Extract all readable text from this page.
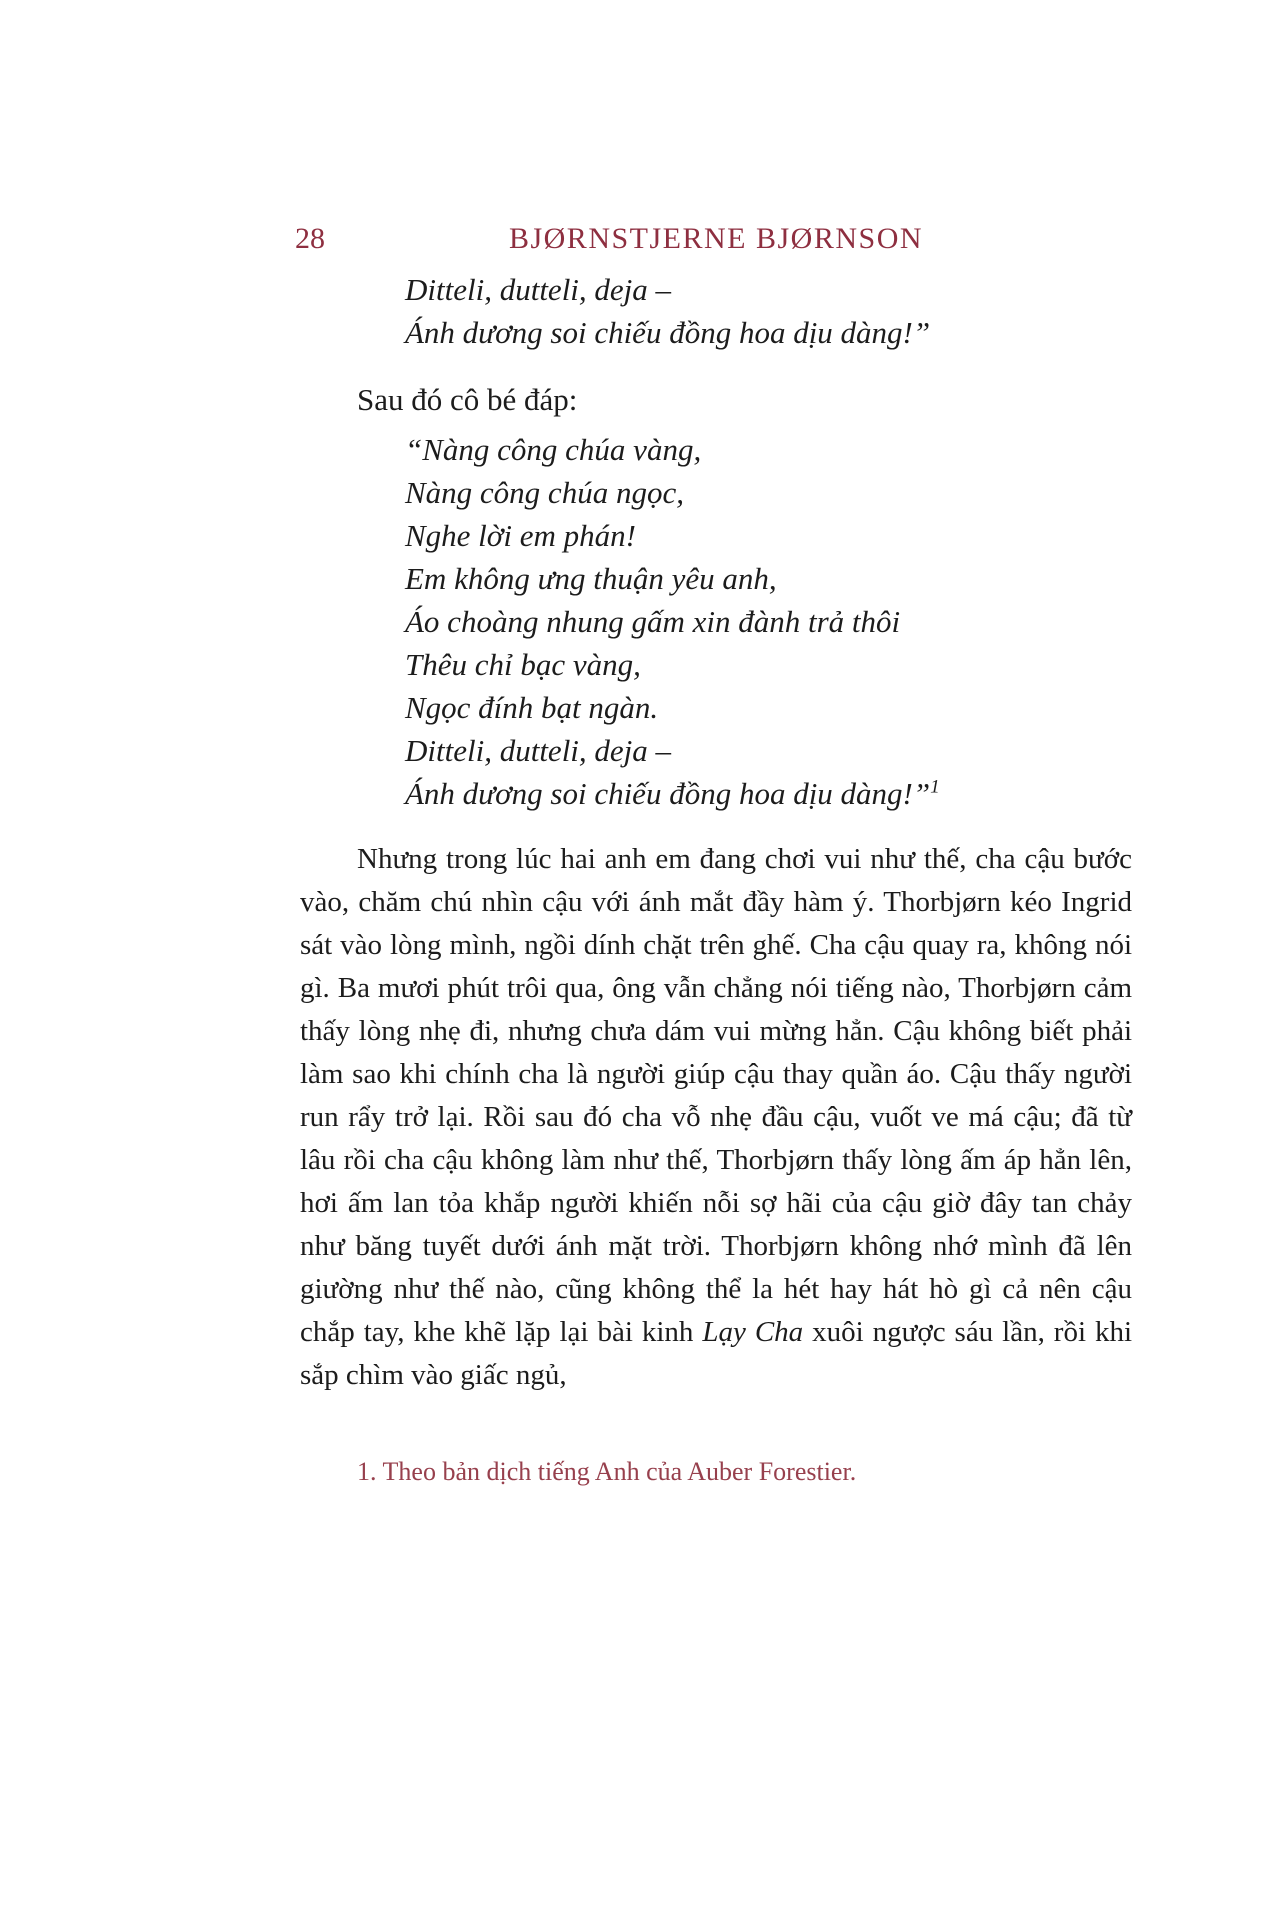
28	BJØRNSTJERNE BJØRNSON
Ditteli, dutteli, deja –
Ánh dương soi chiếu đồng hoa dịu dàng!”
Sau đó cô bé đáp:
“Nàng công chúa vàng,
Nàng công chúa ngọc,
Nghe lời em phán!
Em không ưng thuận yêu anh,
Áo choàng nhung gấm xin đành trả thôi
Thêu chỉ bạc vàng,
Ngọc đính bạt ngàn.
Ditteli, dutteli, deja –
Ánh dương soi chiếu đồng hoa dịu dàng!”$^1$

Nhưng trong lúc hai anh em đang chơi vui như thế, cha cậu bước vào, chăm chú nhìn cậu với ánh mắt đầy hàm ý. Thorbjørn kéo Ingrid sát vào lòng mình, ngồi dính chặt trên ghế. Cha cậu quay ra, không nói gì. Ba mươi phút trôi qua, ông vẫn chẳng nói tiếng nào, Thorbjørn cảm thấy lòng nhẹ đi, nhưng chưa dám vui mừng hẳn. Cậu không biết phải làm sao khi chính cha là người giúp cậu thay quần áo. Cậu thấy người run rẩy trở lại. Rồi sau đó cha vỗ nhẹ đầu cậu, vuốt ve má cậu; đã từ lâu rồi cha cậu không làm như thế, Thorbjørn thấy lòng ấm áp hẳn lên, hơi ấm lan tỏa khắp người khiến nỗi sợ hãi của cậu giờ đây tan chảy như băng tuyết dưới ánh mặt trời. Thorbjørn không nhớ mình đã lên giường như thế nào, cũng không thể la hét hay hát hò gì cả nên cậu chắp tay, khe khẽ lặp lại bài kinh Lạy Cha xuôi ngược sáu lần, rồi khi sắp chìm vào giấc ngủ,

1. Theo bản dịch tiếng Anh của Auber Forestier.
